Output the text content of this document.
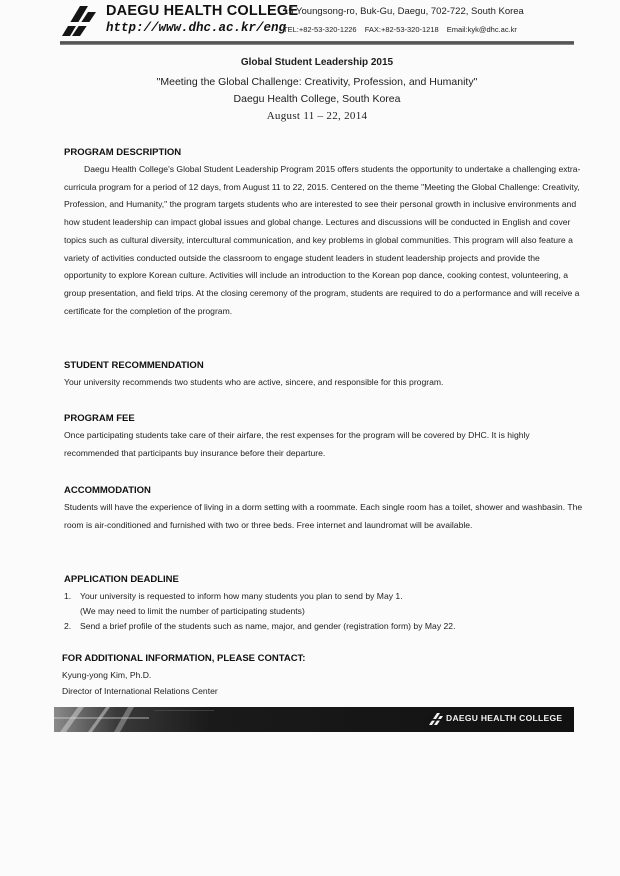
DAEGU HEALTH COLLEGE
http://www.dhc.ac.kr/eng
15 Youngsong-ro, Buk-Gu, Daegu, 702-722, South Korea
TEL:+82-53-320-1226 FAX:+82-53-320-1218 Email:kyk@dhc.ac.kr
Global Student Leadership 2015
"Meeting the Global Challenge: Creativity, Profession, and Humanity"
Daegu Health College, South Korea
August 11 – 22, 2014
PROGRAM DESCRIPTION

Daegu Health College's Global Student Leadership Program 2015 offers students the opportunity to undertake a challenging extra-curricula program for a period of 12 days, from August 11 to 22, 2015. Centered on the theme "Meeting the Global Challenge: Creativity, Profession, and Humanity," the program targets students who are interested to see their personal growth in inclusive environments and how student leadership can impact global issues and global change. Lectures and discussions will be conducted in English and cover topics such as cultural diversity, intercultural communication, and key problems in global communities. This program will also feature a variety of activities conducted outside the classroom to engage student leaders in student leadership projects and provide the opportunity to explore Korean culture. Activities will include an introduction to the Korean pop dance, cooking contest, volunteering, a group presentation, and field trips. At the closing ceremony of the program, students are required to do a performance and will receive a certificate for the completion of the program.

STUDENT RECOMMENDATION

Your university recommends two students who are active, sincere, and responsible for this program.

PROGRAM FEE

Once participating students take care of their airfare, the rest expenses for the program will be covered by DHC. It is highly recommended that participants buy insurance before their departure.

ACCOMMODATION

Students will have the experience of living in a dorm setting with a roommate. Each single room has a toilet, shower and washbasin. The room is air-conditioned and furnished with two or three beds. Free internet and laundromat will be available.

APPLICATION DEADLINE
1. Your university is requested to inform how many students you plan to send by May 1.
(We may need to limit the number of participating students)
2. Send a brief profile of the students such as name, major, and gender (registration form) by May 22.
FOR ADDITIONAL INFORMATION, PLEASE CONTACT:

Kyung-yong Kim, Ph.D.

Director of International Relations Center

DAEGU HEALTH COLLEGE
